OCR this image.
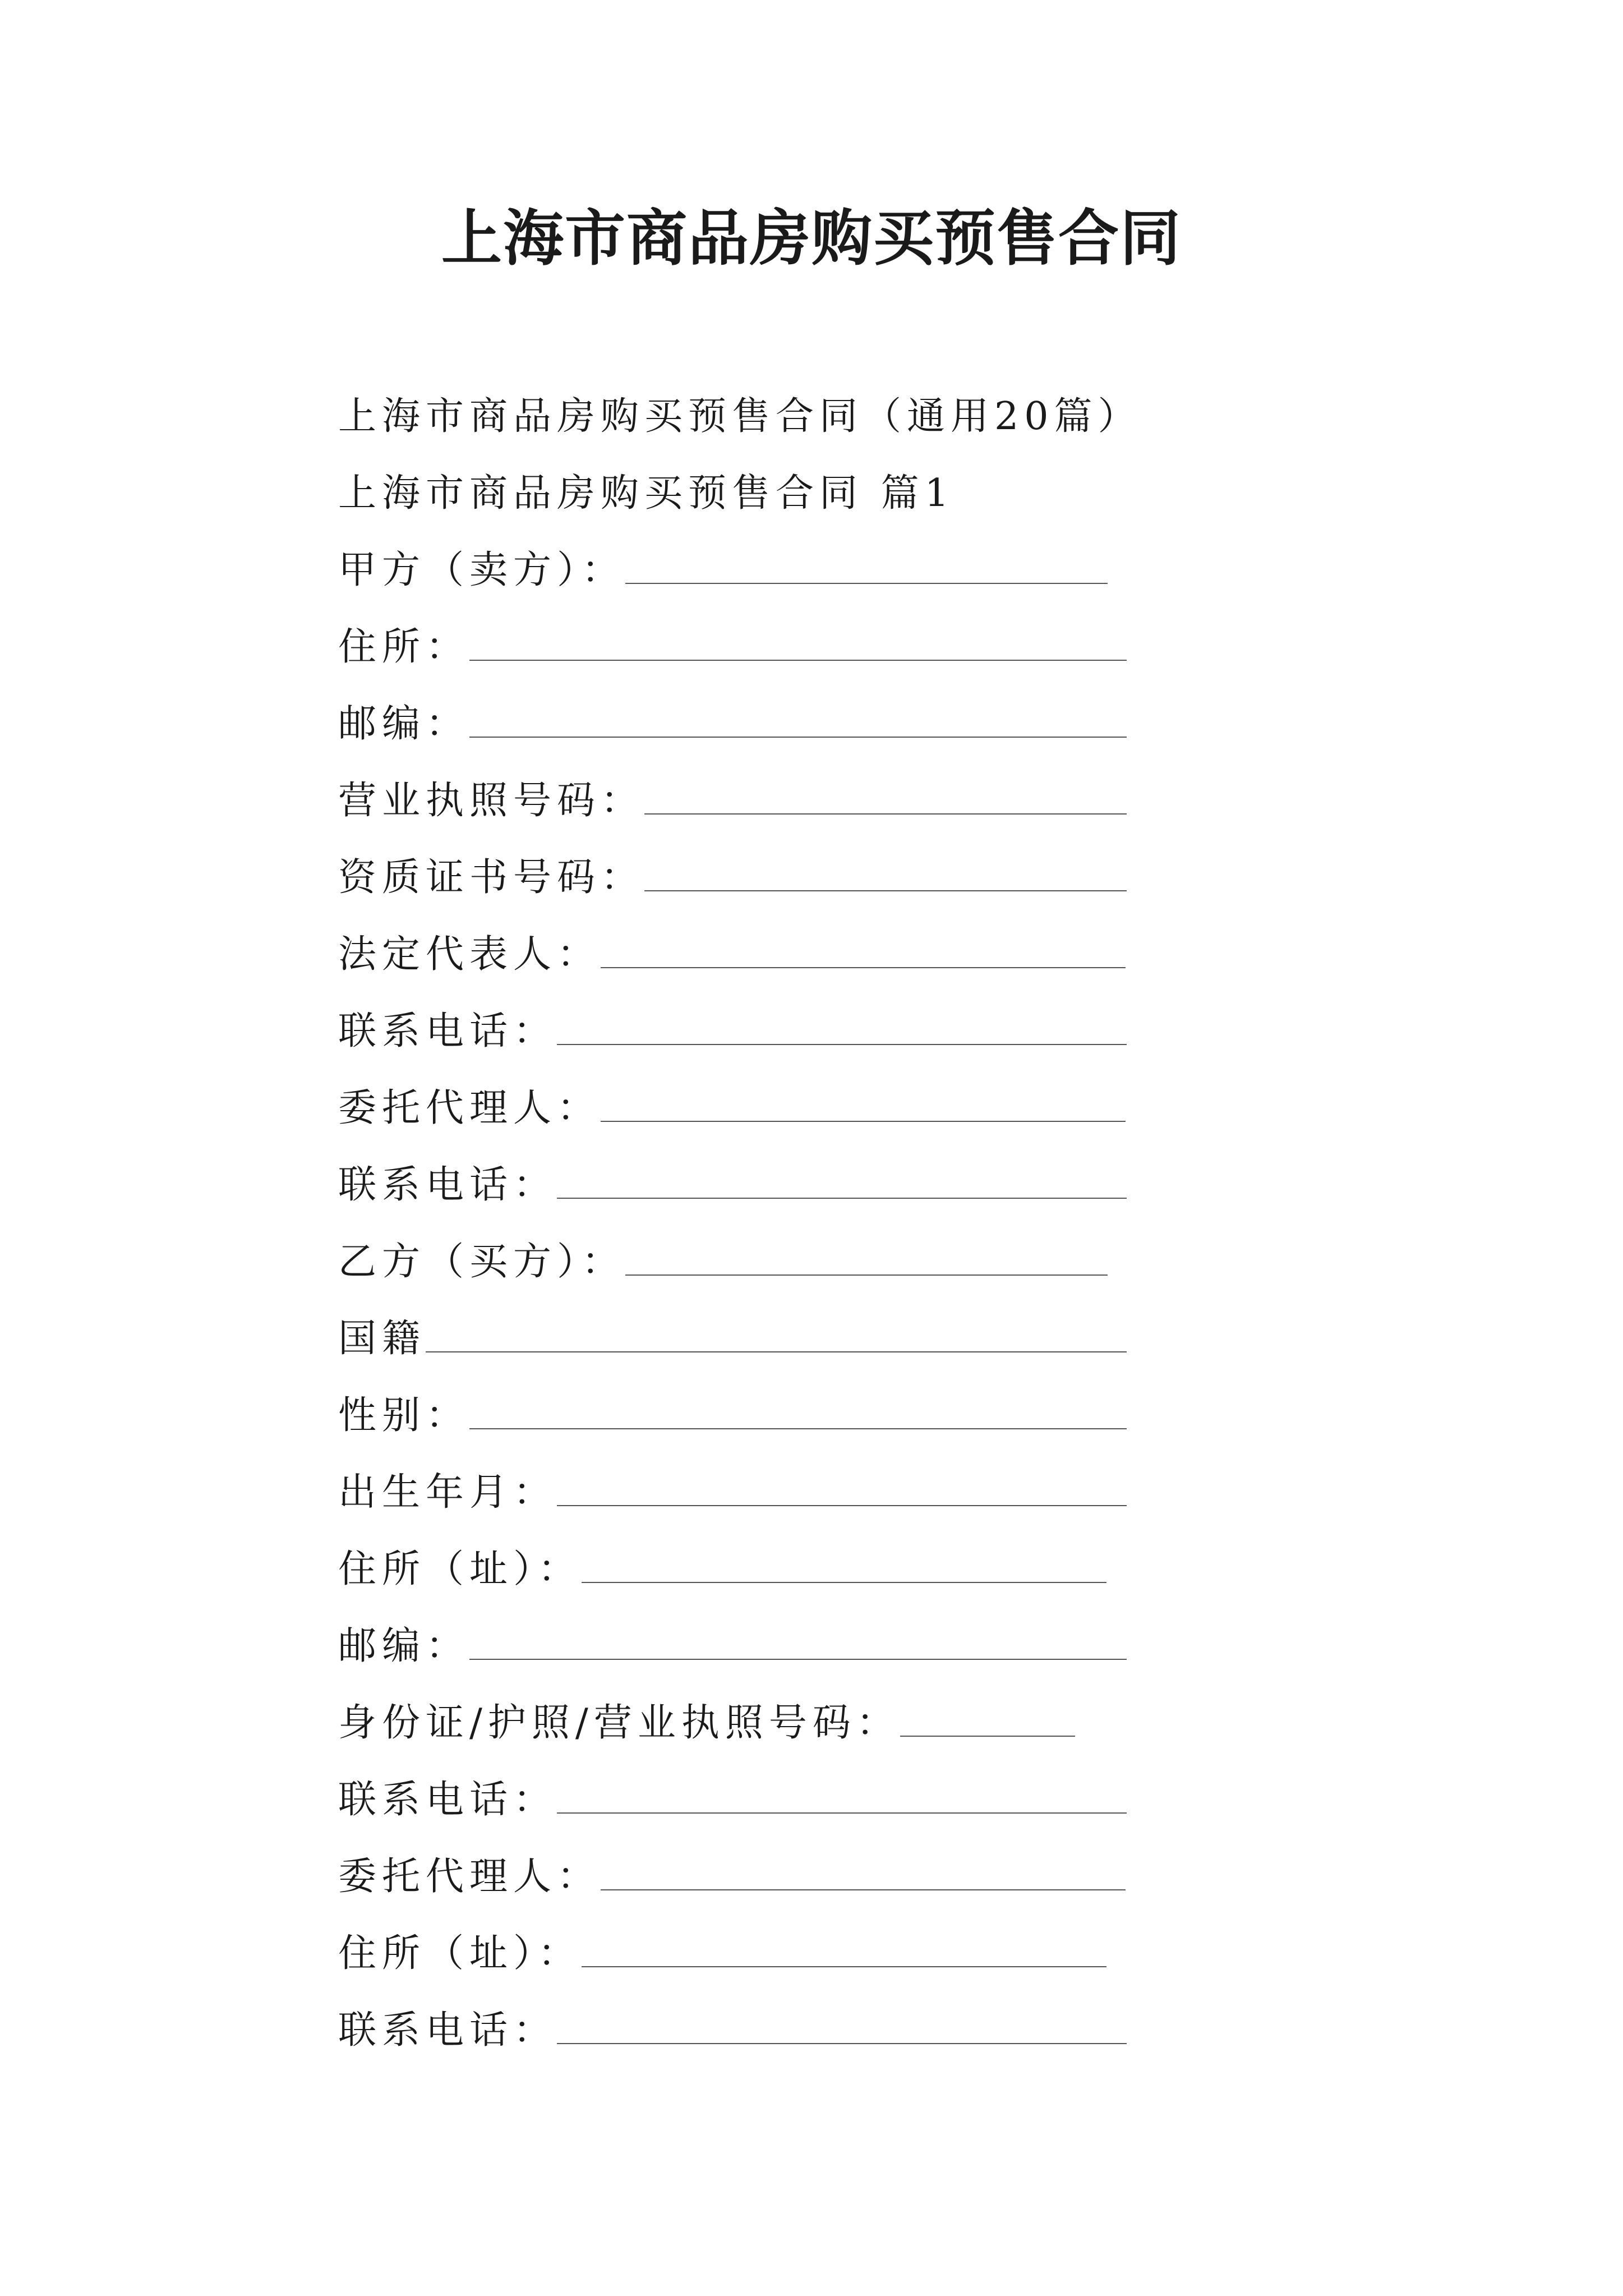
上海市商品房购买预售合同
上海市商品房购买预售合同（通用20篇）
上海市商品房购买预售合同 篇1
甲方（卖方）：
住所：
邮编：
营业执照号码：
资质证书号码：
法定代表人：
联系电话：
委托代理人：
联系电话：
乙方（买方）：
国籍
性别：
出生年月：
住所（址）：
邮编：
身份证/护照/营业执照号码：
联系电话：
委托代理人：
住所（址）：
联系电话：
